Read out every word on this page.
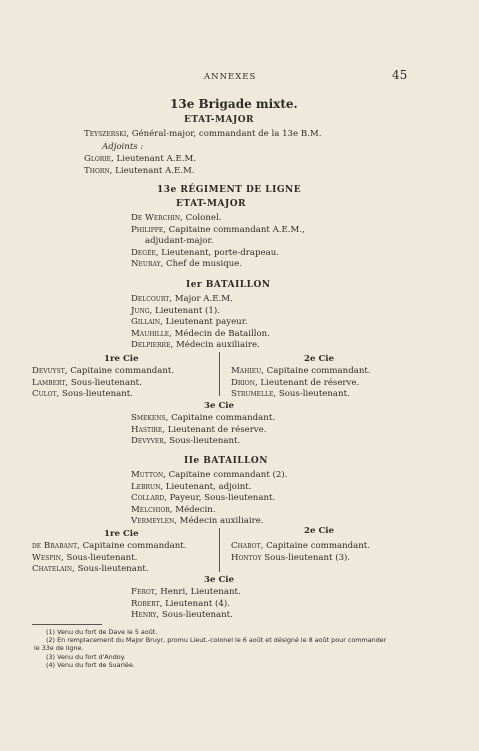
ANNEXES	45
13e Brigade mixte.
ETAT-MAJOR
Teyszerski, Général-major, commandant de la 13e B.M.
Adjoints :
Glorie, Lieutenant A.E.M.
Thorn, Lieutenant A.E.M.
13e RÉGIMENT DE LIGNE
ETAT-MAJOR
De Werchin, Colonel.
Philippe, Capitaine commandant A.E.M.,
adjudant-major.
Degée, Lieutenant, porte-drapeau.
Neuray, Chef de musique.
Ier BATAILLON
Delcourt, Major A.E.M.
Jung, Lieutenant (1).
Gillain, Lieutenant payeur.
Mauhille, Médecin de Bataillon.
Delpierre, Médecin auxiliaire.
1re Cie
Devuyst, Capitaine commandant.
Lambert, Sous-lieutenant.
Culot, Sous-lieutenant.
2e Cie
Mahieu, Capitaine commandant.
Drion, Lieutenant de réserve.
Strumelle, Sous-lieutenant.
3e Cie
Smekens, Capitaine commandant.
Hastire, Lieutenant de réserve.
Devyver, Sous-lieutenant.
IIe BATAILLON
Mutton, Capitaine commandant (2).
Lebrun, Lieutenant, adjoint.
Collard, Payeur, Sous-lieutenant.
Melchior, Médecin.
Vermeylen, Médecin auxiliaire.
1re Cie
de Brabant, Capitaine commandant.
Wespin, Sous-lieutenant.
Chatelain, Sous-lieutenant.
2e Cie
Chabot, Capitaine commandant.
Hontoy Sous-lieutenant (3).
3e Cie
Ferot, Henri, Lieutenant.
Robert, Lieutenant (4).
Henry, Sous-lieutenant.
(1) Venu du fort de Dave le 5 août.
(2) En remplacement du Major Bruyr, promu Lieut.-colonel le 6 août et désigné le 8 août pour commander
le 33e de ligne.
(3) Venu du fort d'Andoy.
(4) Venu du fort de Suarlée.
